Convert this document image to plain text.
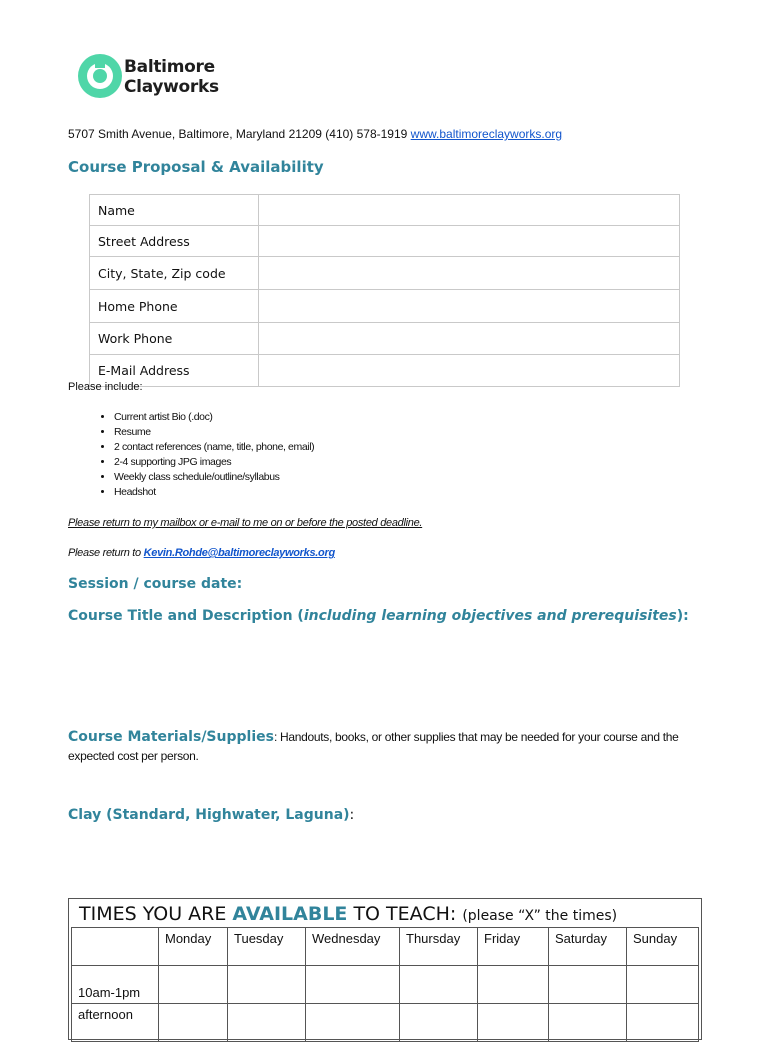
Baltimore
Clayworks
5707 Smith Avenue, Baltimore, Maryland 21209 (410) 578-1919 www.baltimoreclayworks.org
Course Proposal & Availability
Name	
Street Address	
City, State, Zip code	
Home Phone	
Work Phone	
E-Mail Address	
Please include:
• Current artist Bio (.doc)
• Resume
• 2 contact references (name, title, phone, email)
• 2-4 supporting JPG images
• Weekly class schedule/outline/syllabus
• Headshot
Please return to my mailbox or e-mail to me on or before the posted deadline.
Please return to Kevin.Rohde@baltimoreclayworks.org
Session / course date:
Course Title and Description (including learning objectives and prerequisites):
Course Materials/Supplies: Handouts, books, or other supplies that may be needed for your course and the expected cost per person.
Clay (Standard, Highwater, Laguna):
TIMES YOU ARE AVAILABLE TO TEACH: (please “X” the times)
	Monday	Tuesday	Wednesday	Thursday	Friday	Saturday	Sunday
10am-1pm							
afternoon							
